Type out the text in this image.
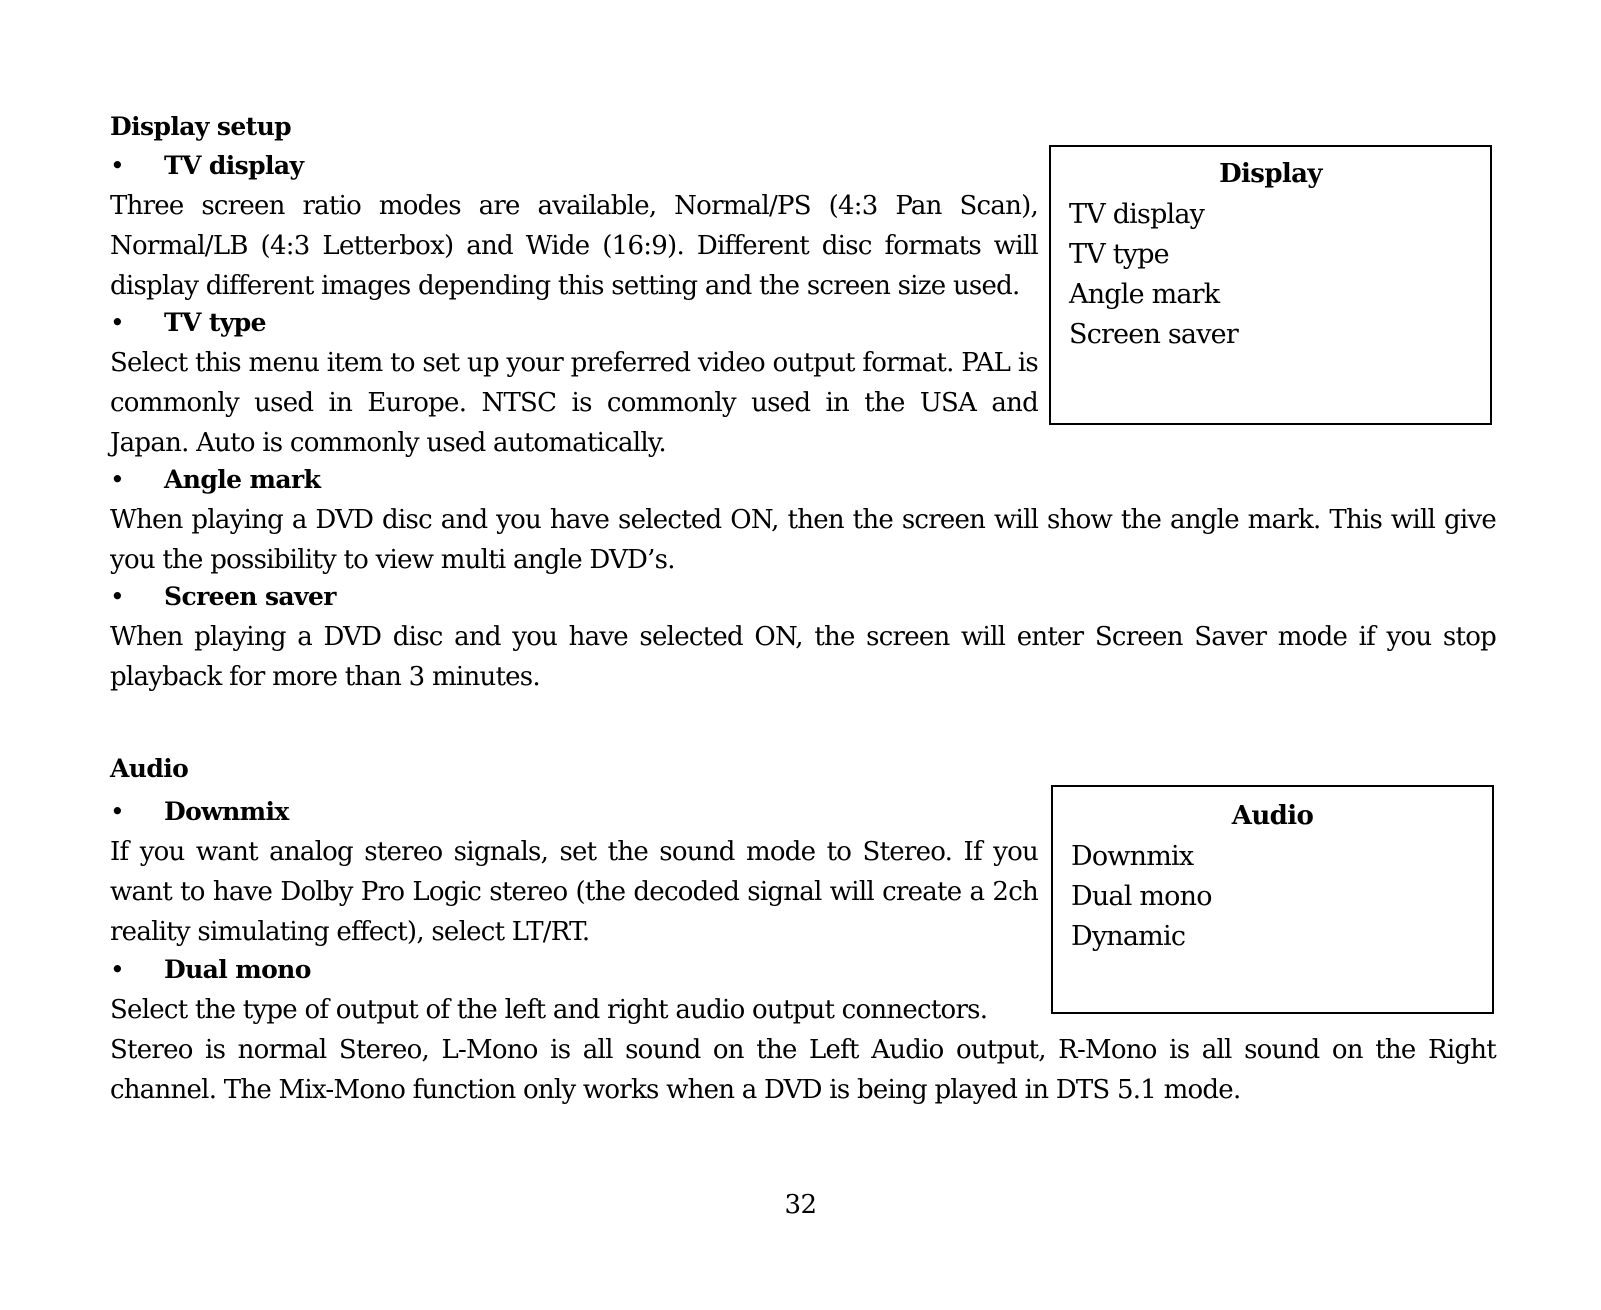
Display setup
• TV display

Three screen ratio modes are available, Normal/PS (4:3 Pan Scan), Normal/LB (4:3 Letterbox) and Wide (16:9). Different disc formats will display different images depending this setting and the screen size used.

• TV type

Select this menu item to set up your preferred video output format. PAL is commonly used in Europe. NTSC is commonly used in the USA and Japan. Auto is commonly used automatically.

• Angle mark

When playing a DVD disc and you have selected ON, then the screen will show the angle mark. This will give you the possibility to view multi angle DVD’s.

• Screen saver

When playing a DVD disc and you have selected ON, the screen will enter Screen Saver mode if you stop playback for more than 3 minutes.

Display
TV display
TV type
Angle mark
Screen saver
Audio
• Downmix

If you want analog stereo signals, set the sound mode to Stereo. If you want to have Dolby Pro Logic stereo (the decoded signal will create a 2ch reality simulating effect), select LT/RT.

• Dual mono

Select the type of output of the left and right audio output connectors.

Stereo is normal Stereo, L-Mono is all sound on the Left Audio output, R-Mono is all sound on the Right channel. The Mix-Mono function only works when a DVD is being played in DTS 5.1 mode.

Audio
Downmix
Dual mono
Dynamic
32
